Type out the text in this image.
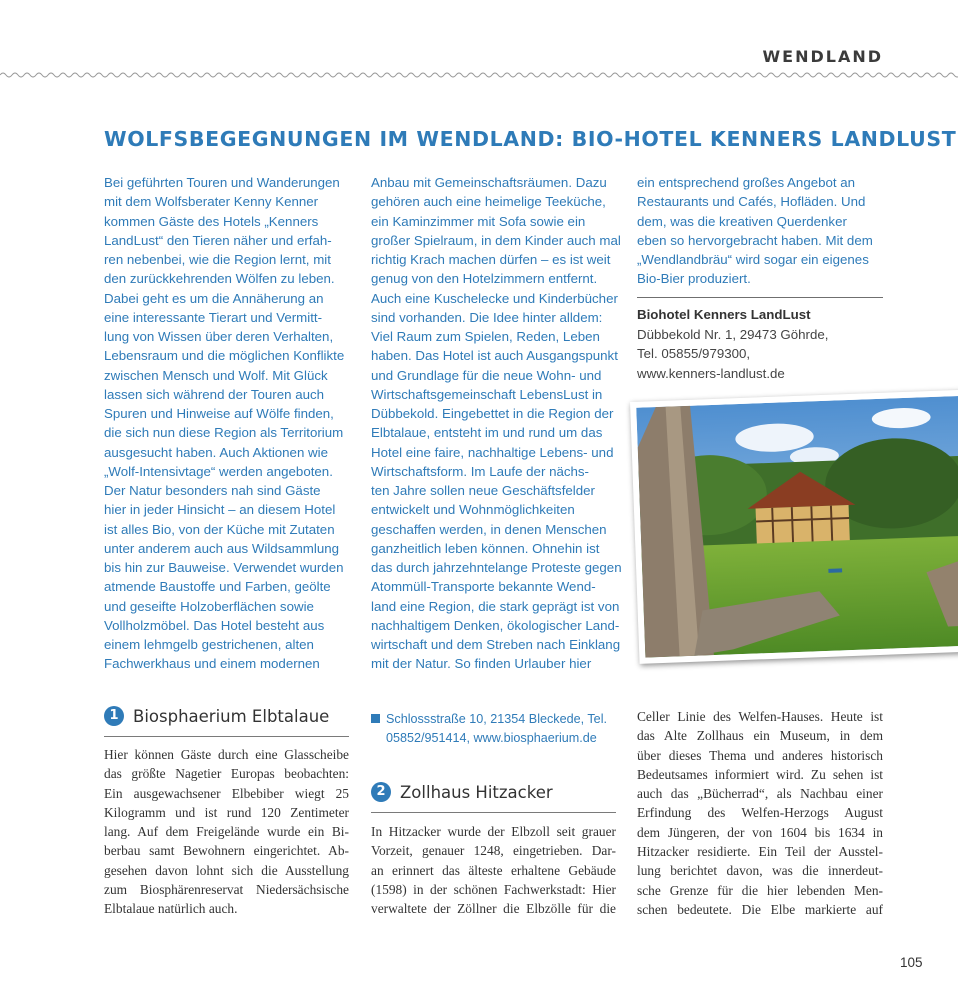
WENDLAND
WOLFSBEGEGNUNGEN IM WENDLAND: BIO-HOTEL KENNERS LANDLUST
Bei geführten Touren und Wanderungen
mit dem Wolfsberater Kenny Kenner
kommen Gäste des Hotels „Kenners
LandLust“ den Tieren näher und erfah-
ren nebenbei, wie die Region lernt, mit
den zurückkehrenden Wölfen zu leben.
Dabei geht es um die Annäherung an
eine interessante Tierart und Vermitt-
lung von Wissen über deren Verhalten,
Lebensraum und die möglichen Konflikte
zwischen Mensch und Wolf. Mit Glück
lassen sich während der Touren auch
Spuren und Hinweise auf Wölfe finden,
die sich nun diese Region als Territorium
ausgesucht haben. Auch Aktionen wie
„Wolf-Intensivtage“ werden angeboten.
Der Natur besonders nah sind Gäste
hier in jeder Hinsicht – an diesem Hotel
ist alles Bio, von der Küche mit Zutaten
unter anderem auch aus Wildsammlung
bis hin zur Bauweise. Verwendet wurden
atmende Baustoffe und Farben, geölte
und geseifte Holzoberflächen sowie
Vollholzmöbel. Das Hotel besteht aus
einem lehmgelb gestrichenen, alten
Fachwerkhaus und einem modernen
Anbau mit Gemeinschaftsräumen. Dazu
gehören auch eine heimelige Teeküche,
ein Kaminzimmer mit Sofa sowie ein
großer Spielraum, in dem Kinder auch mal
richtig Krach machen dürfen – es ist weit
genug von den Hotelzimmern entfernt.
Auch eine Kuschelecke und Kinderbücher
sind vorhanden. Die Idee hinter alldem:
Viel Raum zum Spielen, Reden, Leben
haben. Das Hotel ist auch Ausgangspunkt
und Grundlage für die neue Wohn- und
Wirtschaftsgemeinschaft LebensLust in
Dübbekold. Eingebettet in die Region der
Elbtalaue, entsteht im und rund um das
Hotel eine faire, nachhaltige Lebens- und
Wirtschaftsform. Im Laufe der nächs-
ten Jahre sollen neue Geschäftsfelder
entwickelt und Wohnmöglichkeiten
geschaffen werden, in denen Menschen
ganzheitlich leben können. Ohnehin ist
das durch jahrzehntelange Proteste gegen
Atommüll-Transporte bekannte Wend-
land eine Region, die stark geprägt ist von
nachhaltigem Denken, ökologischer Land-
wirtschaft und dem Streben nach Einklang
mit der Natur. So finden Urlauber hier
ein entsprechend großes Angebot an
Restaurants und Cafés, Hofläden. Und
dem, was die kreativen Querdenker
eben so hervorgebracht haben. Mit dem
„Wendlandbräu“ wird sogar ein eigenes
Bio-Bier produziert.
Biohotel Kenners LandLust
Dübbekold Nr. 1, 29473 Göhrde,
Tel. 05855/979300,
www.kenners-landlust.de
1 Biosphaerium Elbtalaue
Hier können Gäste durch eine Glasscheibe
das größte Nagetier Europas beobachten:
Ein ausgewachsener Elbebiber wiegt 25
Kilogramm und ist rund 120 Zentimeter
lang. Auf dem Freigelände wurde ein Bi-
berbau samt Bewohnern eingerichtet. Ab-
gesehen davon lohnt sich die Ausstellung
zum Biosphärenreservat Niedersächsische
Elbtalaue natürlich auch.
Schlossstraße 10, 21354 Bleckede, Tel.
05852/951414, www.biosphaerium.de
2 Zollhaus Hitzacker
In Hitzacker wurde der Elbzoll seit grauer
Vorzeit, genauer 1248, eingetrieben. Dar-
an erinnert das älteste erhaltene Gebäude
(1598) in der schönen Fachwerkstadt: Hier
verwaltete der Zöllner die Elbzölle für die
Celler Linie des Welfen-Hauses. Heute ist
das Alte Zollhaus ein Museum, in dem
über dieses Thema und anderes historisch
Bedeutsames informiert wird. Zu sehen ist
auch das „Bücherrad“, als Nachbau einer
Erfindung des Welfen-Herzogs August
dem Jüngeren, der von 1604 bis 1634 in
Hitzacker residierte. Ein Teil der Ausstel-
lung berichtet davon, was die innerdeut-
sche Grenze für die hier lebenden Men-
schen bedeutete. Die Elbe markierte auf
105
